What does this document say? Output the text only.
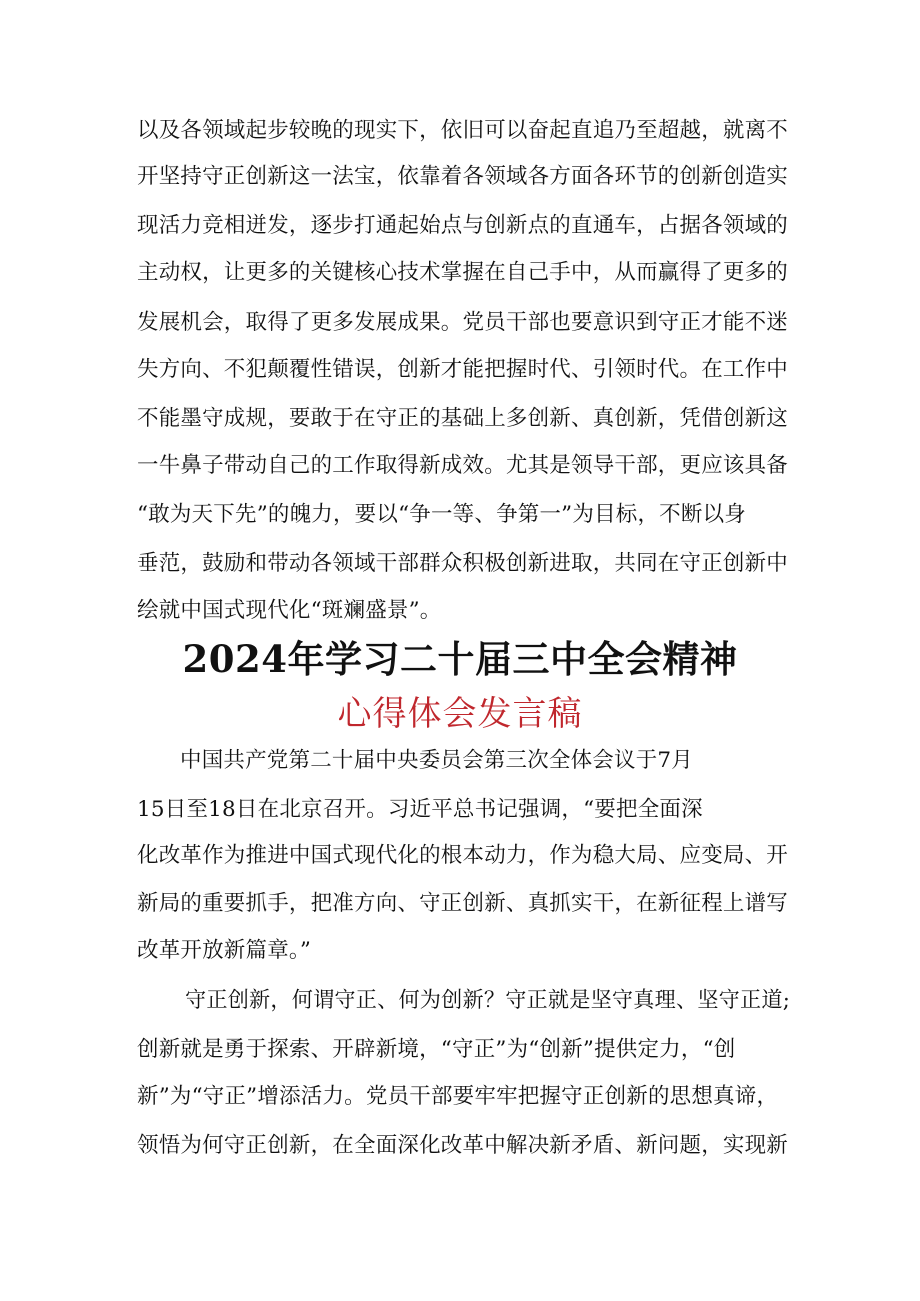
以及各领域起步较晚的现实下，依旧可以奋起直追乃至超越，就离不
开坚持守正创新这一法宝，依靠着各领域各方面各环节的创新创造实
现活力竞相迸发，逐步打通起始点与创新点的直通车，占据各领域的
主动权，让更多的关键核心技术掌握在自己手中，从而赢得了更多的
发展机会，取得了更多发展成果。党员干部也要意识到守正才能不迷
失方向、不犯颠覆性错误，创新才能把握时代、引领时代。在工作中
不能墨守成规，要敢于在守正的基础上多创新、真创新，凭借创新这
一牛鼻子带动自己的工作取得新成效。尤其是领导干部，更应该具备
“敢为天下先”的魄力，要以“争一等、争第一”为目标，不断以身
垂范，鼓励和带动各领域干部群众积极创新进取，共同在守正创新中
绘就中国式现代化“斑斓盛景”。
2024年学习二十届三中全会精神
心得体会发言稿
中国共产党第二十届中央委员会第三次全体会议于7月
15日至18日在北京召开。习近平总书记强调，“要把全面深
化改革作为推进中国式现代化的根本动力，作为稳大局、应变局、开
新局的重要抓手，把准方向、守正创新、真抓实干，在新征程上谱写
改革开放新篇章。”
守正创新，何谓守正、何为创新？守正就是坚守真理、坚守正道;
创新就是勇于探索、开辟新境，“守正”为“创新”提供定力，“创
新”为“守正”增添活力。党员干部要牢牢把握守正创新的思想真谛，
领悟为何守正创新，在全面深化改革中解决新矛盾、新问题，实现新
